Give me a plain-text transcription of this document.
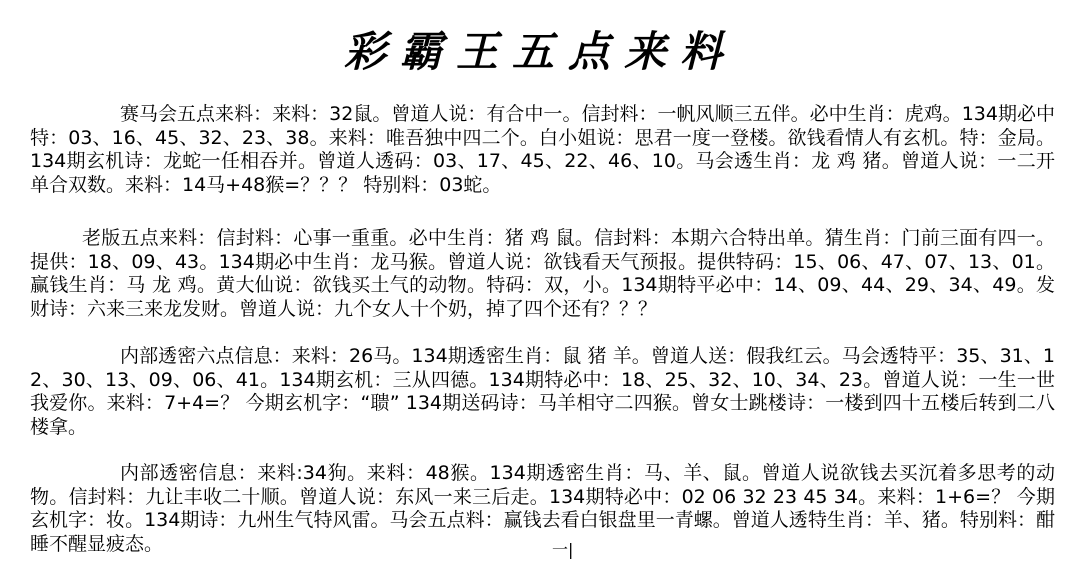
彩霸王五点来料
赛马会五点来料：来料：32鼠。曾道人说：有合中一。信封料：一帆风顺三五伴。必中生肖：虎鸡。134期必中特：03、16、45、32、23、38。来料：唯吾独中四二个。白小姐说：思君一度一登楼。欲钱看情人有玄机。特：金局。134期玄机诗：龙蛇一任相吞并。曾道人透码：03、17、45、22、46、10。马会透生肖：龙 鸡 猪。曾道人说：一二开单合双数。来料：14马+48猴=？？？ 特别料：03蛇。
老版五点来料：信封料：心事一重重。必中生肖：猪 鸡 鼠。信封料：本期六合特出单。猜生肖：门前三面有四一。提供：18、09、43。134期必中生肖：龙马猴。曾道人说：欲钱看天气预报。提供特码：15、06、47、07、13、01。赢钱生肖：马 龙 鸡。黄大仙说：欲钱买土气的动物。特码：双，小。134期特平必中：14、09、44、29、34、49。发财诗：六来三来龙发财。曾道人说：九个女人十个奶，掉了四个还有？？？
内部透密六点信息：来料：26马。134期透密生肖：鼠 猪 羊。曾道人送：假我红云。马会透特平：35、31、12、30、13、09、06、41。134期玄机：三从四德。134期特必中：18、25、32、10、34、23。曾道人说：一生一世我爱你。来料：7+4=？ 今期玄机字：“聩” 134期送码诗：马羊相守二四猴。曾女士跳楼诗：一楼到四十五楼后转到二八楼拿。
内部透密信息：来料:34狗。来料：48猴。134期透密生肖：马、羊、鼠。曾道人说欲钱去买沉着多思考的动物。信封料：九让丰收二十顺。曾道人说：东风一来三后走。134期特必中：02 06 32 23 45 34。来料：1+6=？ 今期玄机字：妆。134期诗：九州生气特风雷。马会五点料：赢钱去看白银盘里一青螺。曾道人透特生肖：羊、猪。特别料：酣睡不醒显疲态。	一|
